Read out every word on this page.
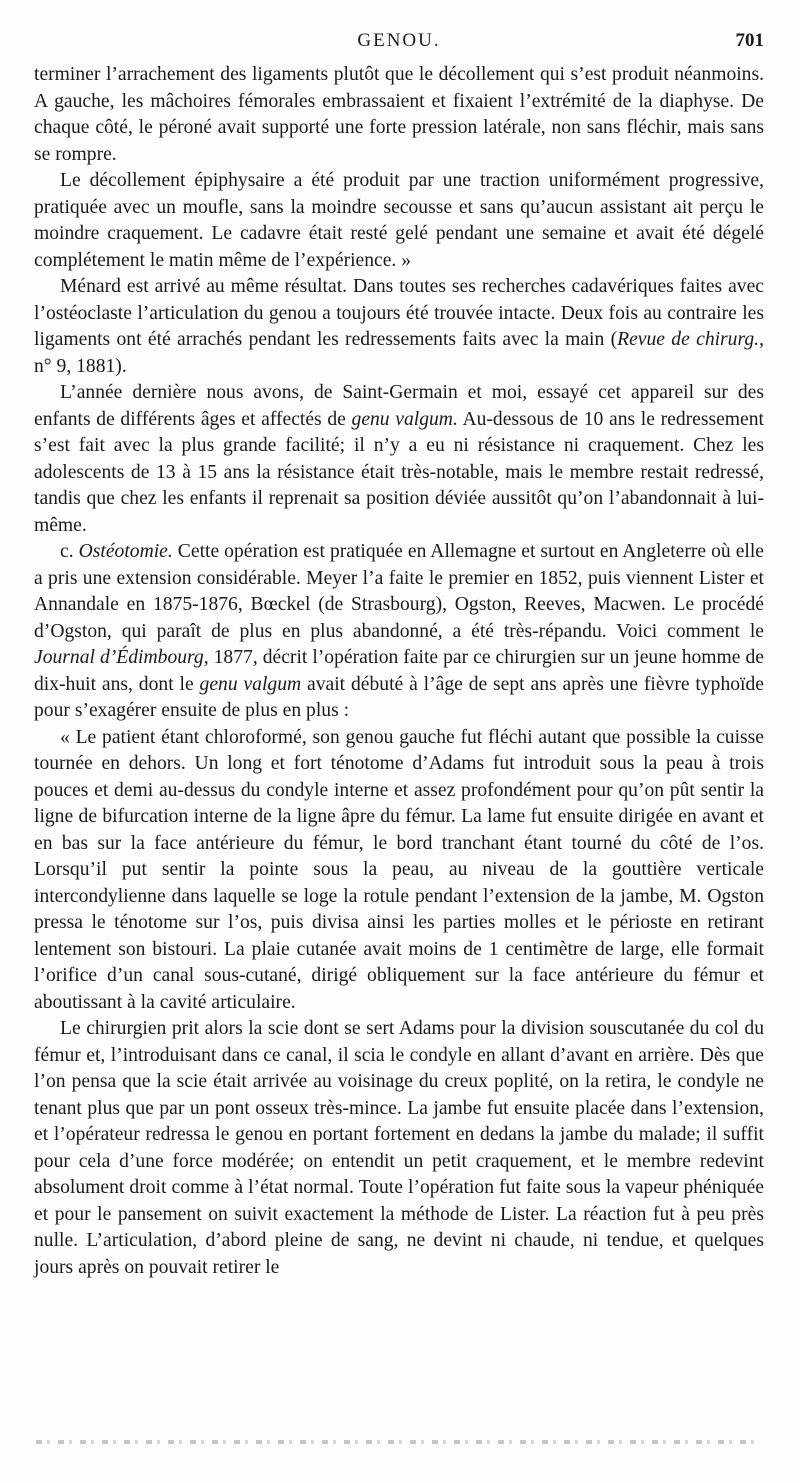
GENOU.	701

terminer l’arrachement des ligaments plutôt que le décollement qui s’est produit néanmoins. A gauche, les mâchoires fémorales embrassaient et fixaient l’extrémité de la diaphyse. De chaque côté, le péroné avait supporté une forte pression latérale, non sans fléchir, mais sans se rompre.

Le décollement épiphysaire a été produit par une traction uniformément progressive, pratiquée avec un moufle, sans la moindre secousse et sans qu’aucun assistant ait perçu le moindre craquement. Le cadavre était resté gelé pendant une semaine et avait été dégelé complétement le matin même de l’expérience. »

Ménard est arrivé au même résultat. Dans toutes ses recherches cadavériques faites avec l’ostéoclaste l’articulation du genou a toujours été trouvée intacte. Deux fois au contraire les ligaments ont été arrachés pendant les redressements faits avec la main (Revue de chirurg., n° 9, 1881).

L’année dernière nous avons, de Saint-Germain et moi, essayé cet appareil sur des enfants de différents âges et affectés de genu valgum. Au-dessous de 10 ans le redressement s’est fait avec la plus grande facilité; il n’y a eu ni résistance ni craquement. Chez les adolescents de 13 à 15 ans la résistance était très-notable, mais le membre restait redressé, tandis que chez les enfants il reprenait sa position déviée aussitôt qu’on l’abandonnait à lui-même.

c. Ostéotomie. Cette opération est pratiquée en Allemagne et surtout en Angleterre où elle a pris une extension considérable. Meyer l’a faite le premier en 1852, puis viennent Lister et Annandale en 1875-1876, Bœckel (de Strasbourg), Ogston, Reeves, Macwen. Le procédé d’Ogston, qui paraît de plus en plus abandonné, a été très-répandu. Voici comment le Journal d’Édimbourg, 1877, décrit l’opération faite par ce chirurgien sur un jeune homme de dix-huit ans, dont le genu valgum avait débuté à l’âge de sept ans après une fièvre typhoïde pour s’exagérer ensuite de plus en plus :

« Le patient étant chloroformé, son genou gauche fut fléchi autant que possible la cuisse tournée en dehors. Un long et fort ténotome d’Adams fut introduit sous la peau à trois pouces et demi au-dessus du condyle interne et assez profondément pour qu’on pût sentir la ligne de bifurcation interne de la ligne âpre du fémur. La lame fut ensuite dirigée en avant et en bas sur la face antérieure du fémur, le bord tranchant étant tourné du côté de l’os. Lorsqu’il put sentir la pointe sous la peau, au niveau de la gouttière verticale intercondylienne dans laquelle se loge la rotule pendant l’extension de la jambe, M. Ogston pressa le ténotome sur l’os, puis divisa ainsi les parties molles et le périoste en retirant lentement son bistouri. La plaie cutanée avait moins de 1 centimètre de large, elle formait l’orifice d’un canal sous-cutané, dirigé obliquement sur la face antérieure du fémur et aboutissant à la cavité articulaire.

Le chirurgien prit alors la scie dont se sert Adams pour la division souscutanée du col du fémur et, l’introduisant dans ce canal, il scia le condyle en allant d’avant en arrière. Dès que l’on pensa que la scie était arrivée au voisinage du creux poplité, on la retira, le condyle ne tenant plus que par un pont osseux très-mince. La jambe fut ensuite placée dans l’extension, et l’opérateur redressa le genou en portant fortement en dedans la jambe du malade; il suffit pour cela d’une force modérée; on entendit un petit craquement, et le membre redevint absolument droit comme à l’état normal. Toute l’opération fut faite sous la vapeur phéniquée et pour le pansement on suivit exactement la méthode de Lister. La réaction fut à peu près nulle. L’articulation, d’abord pleine de sang, ne devint ni chaude, ni tendue, et quelques jours après on pouvait retirer le
